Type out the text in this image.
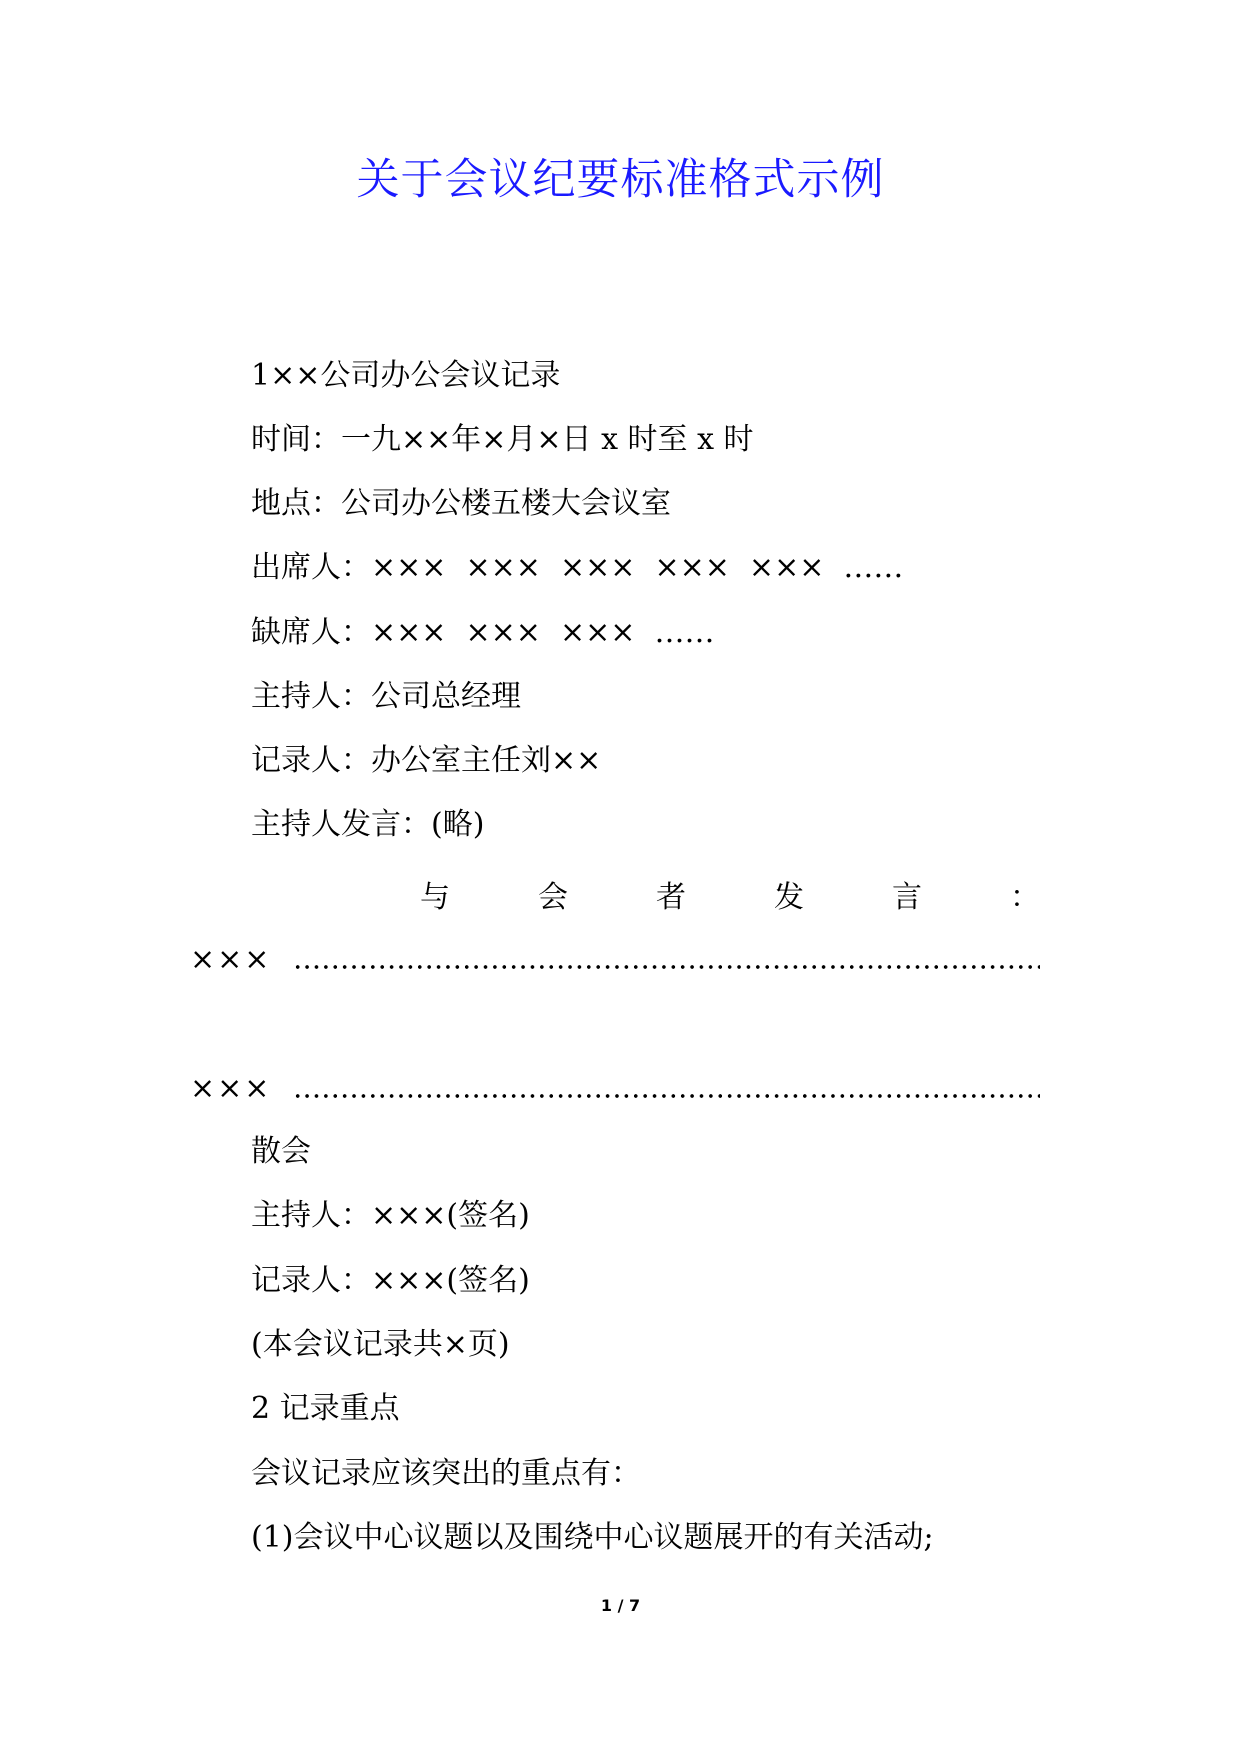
关于会议纪要标准格式示例
1××公司办公会议记录
时间：一九××年×月×日 x 时至 x 时
地点：公司办公楼五楼大会议室
出席人：×××  ×××  ×××  ×××  ×××  ……
缺席人：×××  ×××  ×××  ……
主持人：公司总经理
记录人：办公室主任刘××
主持人发言：(略)
与	会	者	发	言	：
×××
×××
散会
主持人：×××(签名)
记录人：×××(签名)
(本会议记录共×页)
2 记录重点
会议记录应该突出的重点有：
(1)会议中心议题以及围绕中心议题展开的有关活动;
1 / 7
